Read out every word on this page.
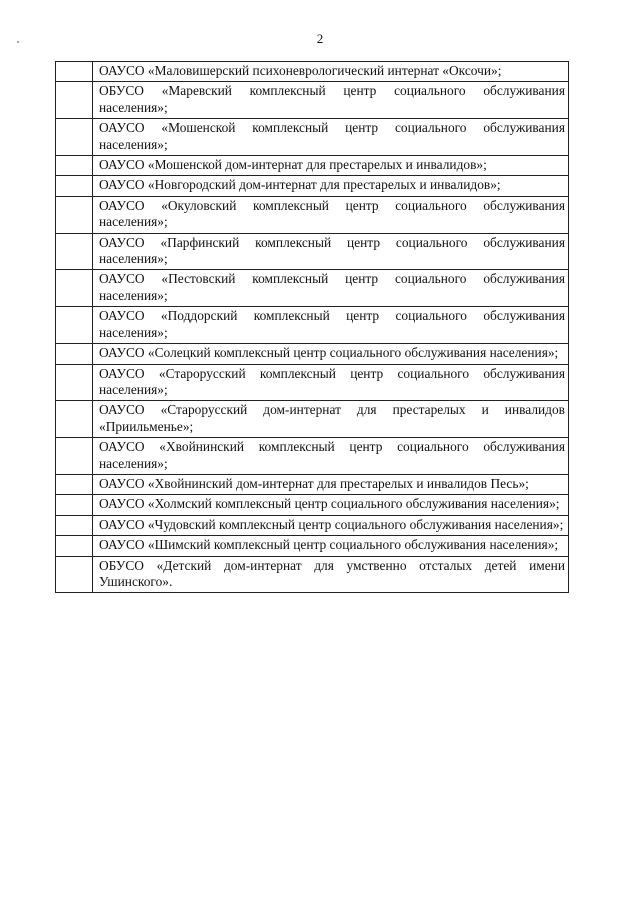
2
	ОАУСО «Маловишерский психоневрологический интернат «Оксочи»;
	ОБУСО «Маревский комплексный центр социального обслуживания населения»;
	ОАУСО «Мошенской комплексный центр социального обслуживания населения»;
	ОАУСО «Мошенской дом-интернат для престарелых и инвалидов»;
	ОАУСО «Новгородский дом-интернат для престарелых и инвалидов»;
	ОАУСО «Окуловский комплексный центр социального обслуживания населения»;
	ОАУСО «Парфинский комплексный центр социального обслуживания населения»;
	ОАУСО «Пестовский комплексный центр социального обслуживания населения»;
	ОАУСО «Поддорский комплексный центр социального обслуживания населения»;
	ОАУСО «Солецкий комплексный центр социального обслуживания населения»;
	ОАУСО «Старорусский комплексный центр социального обслуживания населения»;
	ОАУСО «Старорусский дом-интернат для престарелых и инвалидов «Приильменье»;
	ОАУСО «Хвойнинский комплексный центр социального обслуживания населения»;
	ОАУСО «Хвойнинский дом-интернат для престарелых и инвалидов Песь»;
	ОАУСО «Холмский комплексный центр социального обслуживания населения»;
	ОАУСО «Чудовский комплексный центр социального обслуживания населения»;
	ОАУСО «Шимский комплексный центр социального обслуживания населения»;
	ОБУСО «Детский дом-интернат для умственно отсталых детей имени Ушинского».
